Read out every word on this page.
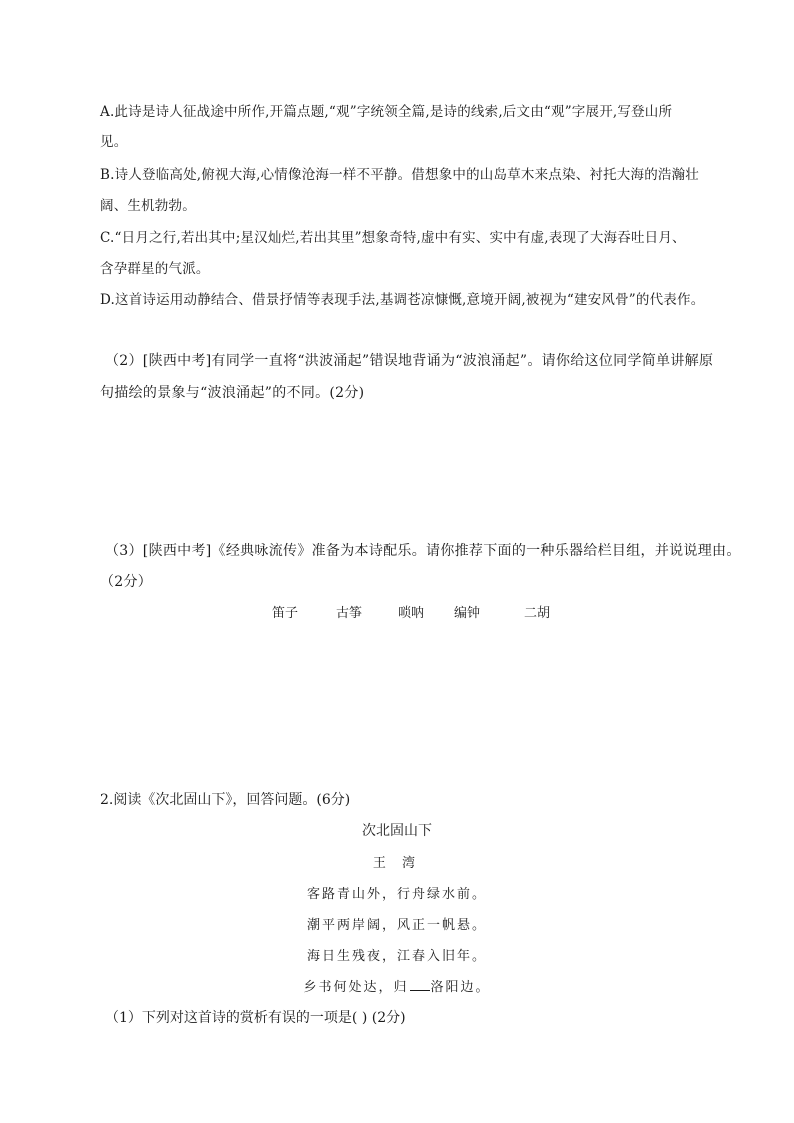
A.此诗是诗人征战途中所作,开篇点题,“观”字统领全篇,是诗的线索,后文由“观”字展开,写登山所
见。
B.诗人登临高处,俯视大海,心情像沧海一样不平静。借想象中的山岛草木来点染、衬托大海的浩瀚壮
阔、生机勃勃。
C.“日月之行,若出其中;星汉灿烂,若出其里”想象奇特,虚中有实、实中有虚,表现了大海吞吐日月、
含孕群星的气派。
D.这首诗运用动静结合、借景抒情等表现手法,基调苍凉慷慨,意境开阔,被视为“建安风骨”的代表作。
（2）[陕西中考]有同学一直将“洪波涌起”错误地背诵为“波浪涌起”。请你给这位同学简单讲解原
句描绘的景象与“波浪涌起”的不同。(2分)
（3）[陕西中考]《经典咏流传》准备为本诗配乐。请你推荐下面的一种乐器给栏目组，并说说理由。
（2分）
笛子	古筝	唢呐 编钟	二胡
2.阅读《次北固山下》，回答问题。(6分)
次北固山下
王 湾
客路青山外，行舟绿水前。
潮平两岸阔，风正一帆悬。
海日生残夜，江春入旧年。
乡书何处达，归 洛阳边。
（1）下列对这首诗的赏析有误的一项是( ) (2分)
